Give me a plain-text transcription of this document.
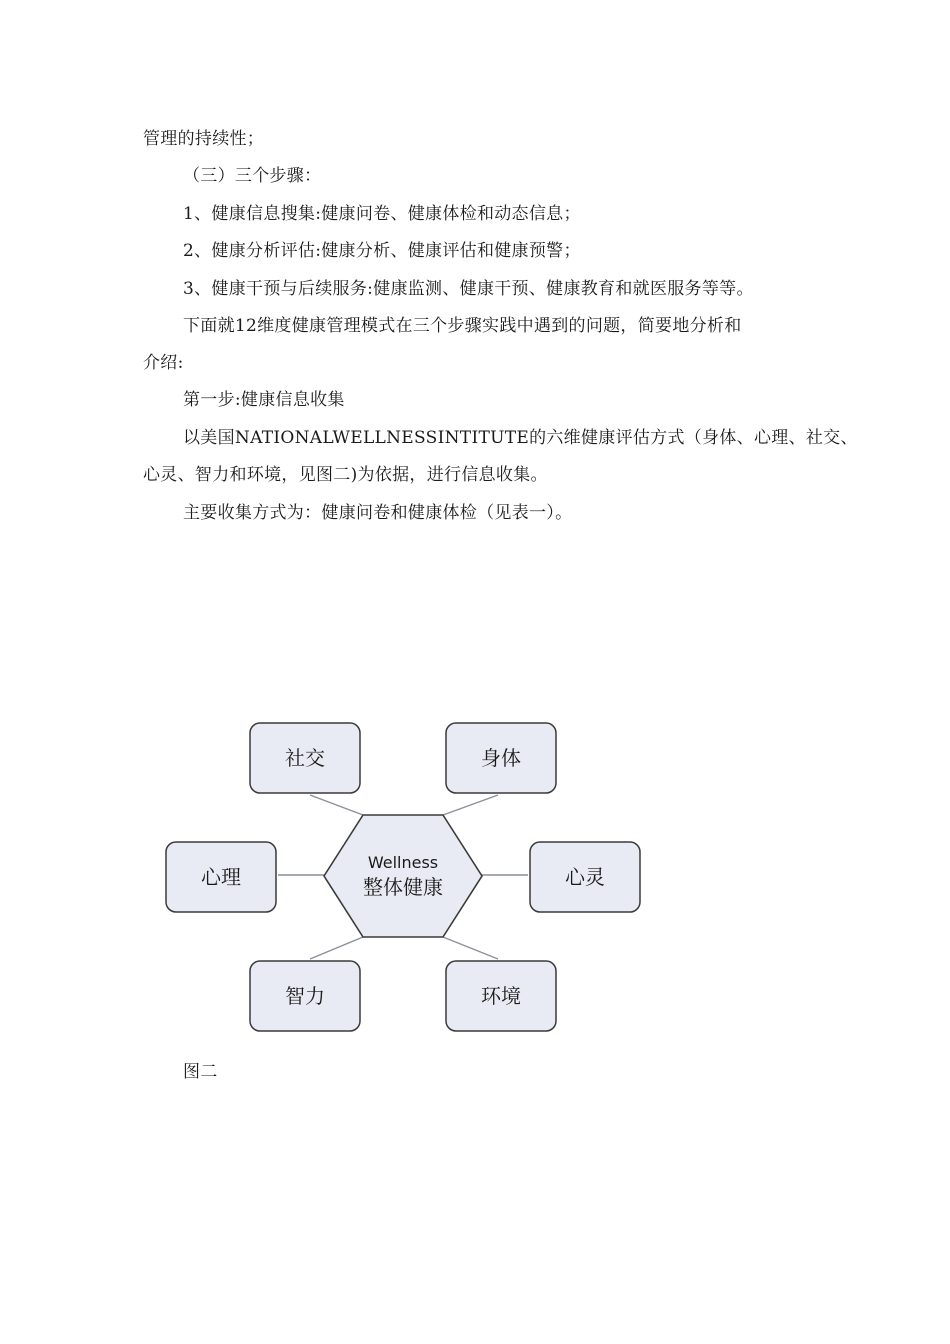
管理的持续性；
（三）三个步骤：
1、健康信息搜集:健康问卷、健康体检和动态信息；
2、健康分析评估:健康分析、健康评估和健康预警；
3、健康干预与后续服务:健康监测、健康干预、健康教育和就医服务等等。
下面就12维度健康管理模式在三个步骤实践中遇到的问题，简要地分析和
介绍:
第一步:健康信息收集
以美国NATIONALWELLNESSINTITUTE的六维健康评估方式（身体、心理、社交、
心灵、智力和环境，见图二)为依据，进行信息收集。
主要收集方式为：健康问卷和健康体检（见表一）。
Wellness
整体健康
社交	身体
心理	心灵
智力	环境
图二
